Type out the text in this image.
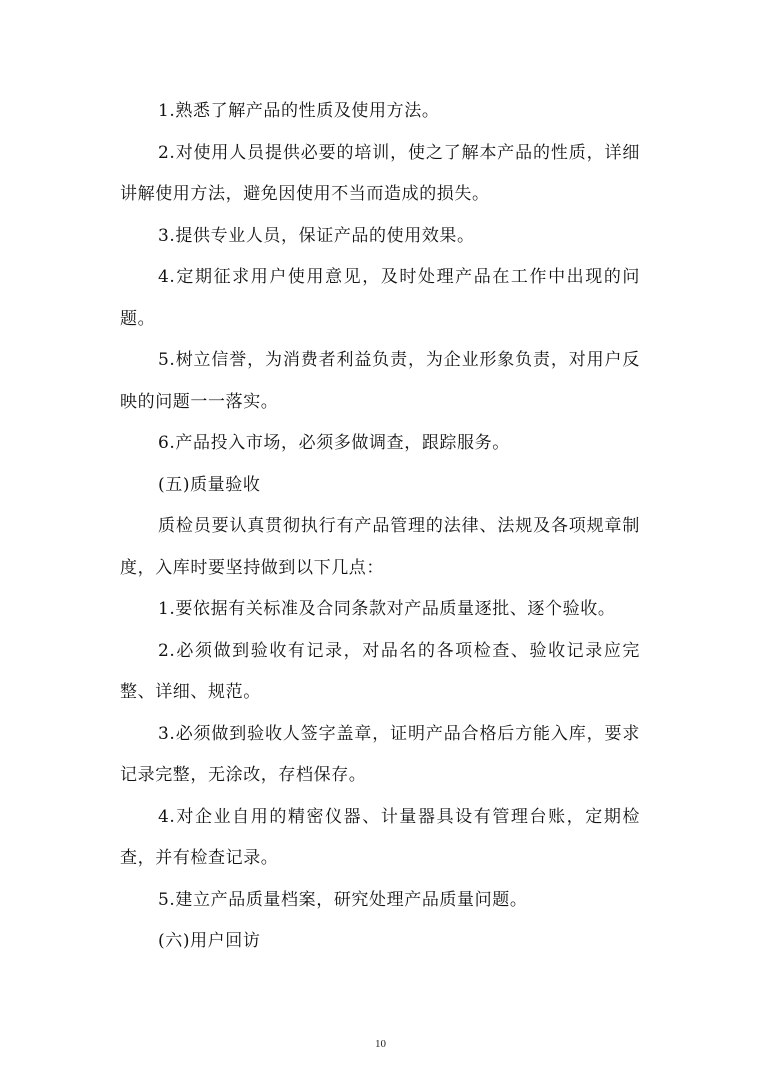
1.熟悉了解产品的性质及使用方法。

2.对使用人员提供必要的培训，使之了解本产品的性质，详细讲解使用方法，避免因使用不当而造成的损失。

3.提供专业人员，保证产品的使用效果。

4.定期征求用户使用意见，及时处理产品在工作中出现的问题。

5.树立信誉，为消费者利益负责，为企业形象负责，对用户反映的问题一一落实。

6.产品投入市场，必须多做调查，跟踪服务。

(五)质量验收

质检员要认真贯彻执行有产品管理的法律、法规及各项规章制度，入库时要坚持做到以下几点：

1.要依据有关标准及合同条款对产品质量逐批、逐个验收。

2.必须做到验收有记录，对品名的各项检查、验收记录应完整、详细、规范。

3.必须做到验收人签字盖章，证明产品合格后方能入库，要求记录完整，无涂改，存档保存。

4.对企业自用的精密仪器、计量器具设有管理台账，定期检查，并有检查记录。

5.建立产品质量档案，研究处理产品质量问题。

(六)用户回访

10
